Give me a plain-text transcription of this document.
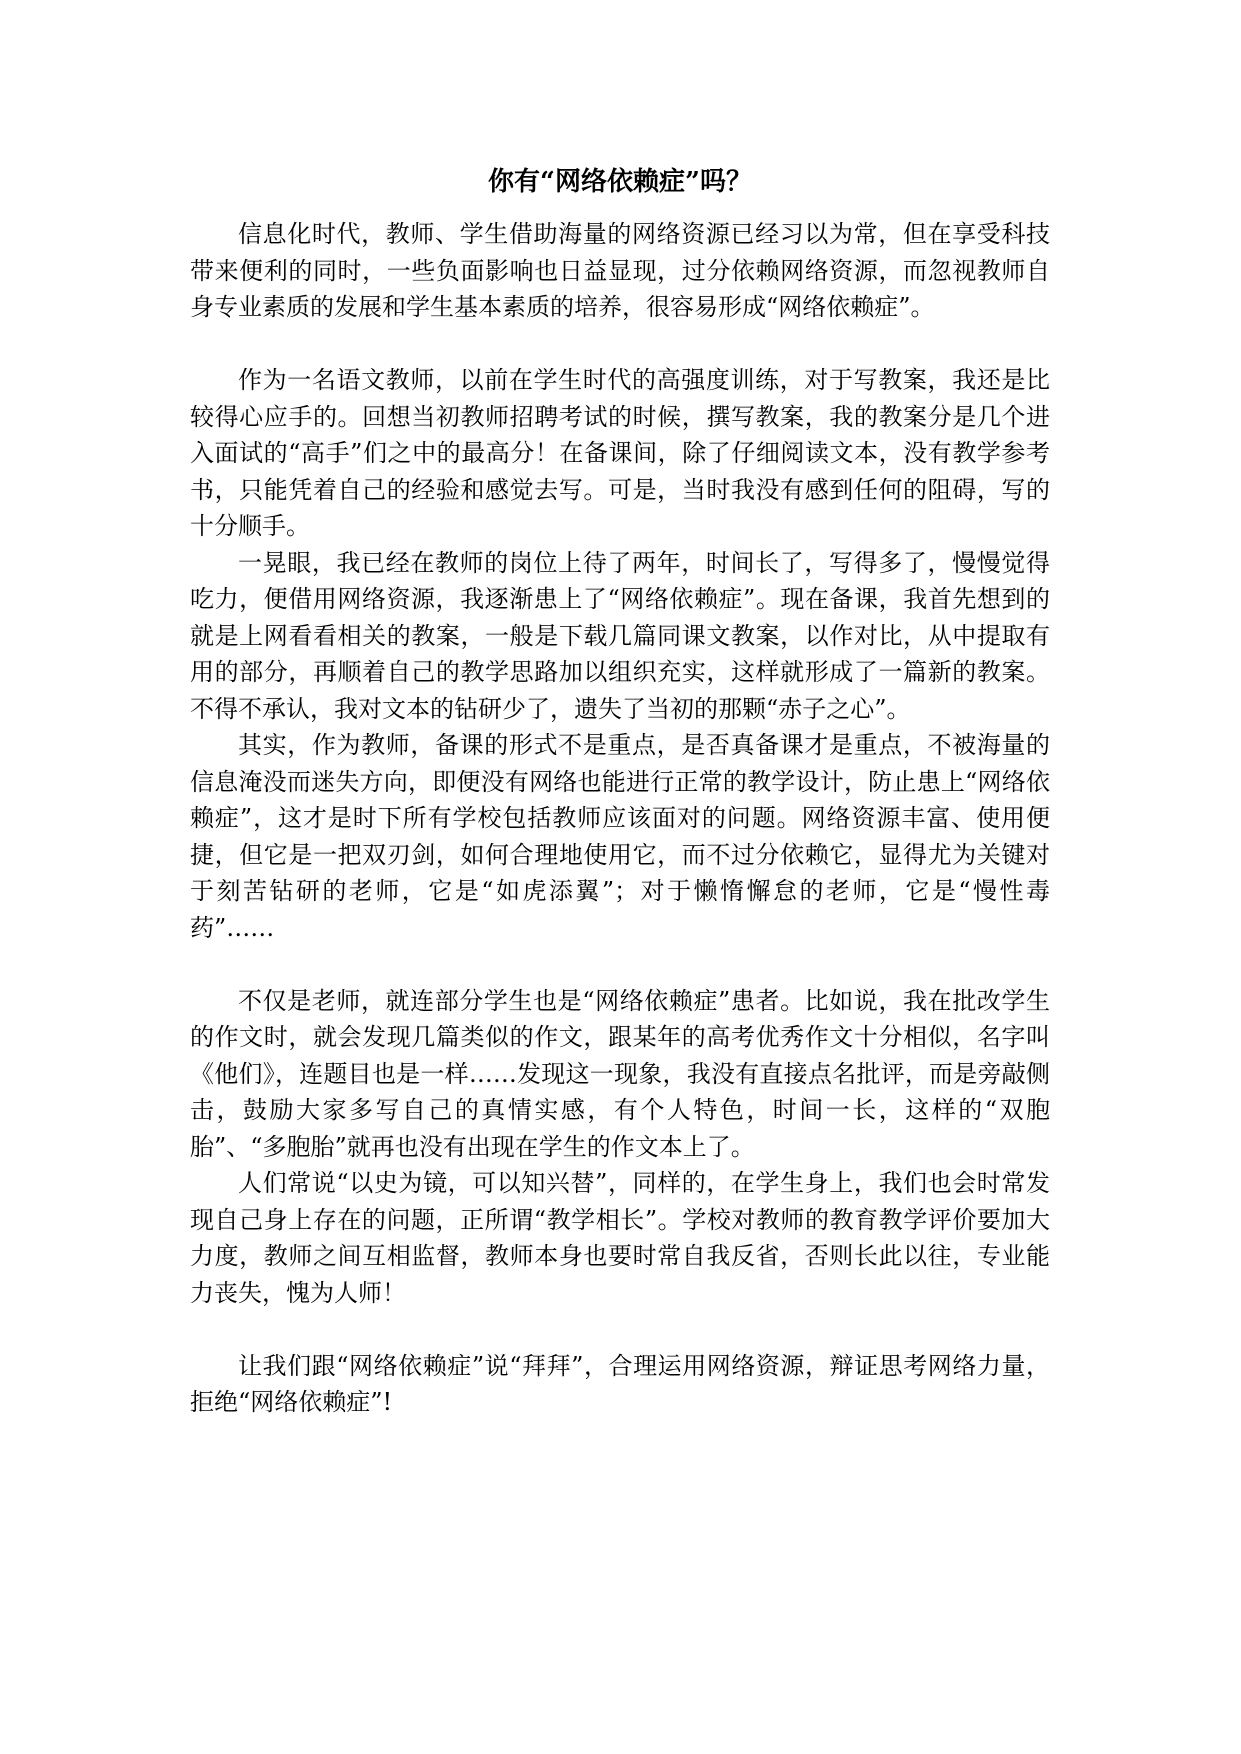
你有“网络依赖症”吗？

信息化时代，教师、学生借助海量的网络资源已经习以为常，但在享受科技带来便利的同时，一些负面影响也日益显现，过分依赖网络资源，而忽视教师自身专业素质的发展和学生基本素质的培养，很容易形成“网络依赖症”。

作为一名语文教师，以前在学生时代的高强度训练，对于写教案，我还是比较得心应手的。回想当初教师招聘考试的时候，撰写教案，我的教案分是几个进入面试的“高手”们之中的最高分！在备课间，除了仔细阅读文本，没有教学参考书，只能凭着自己的经验和感觉去写。可是，当时我没有感到任何的阻碍，写的十分顺手。

一晃眼，我已经在教师的岗位上待了两年，时间长了，写得多了，慢慢觉得吃力，便借用网络资源，我逐渐患上了“网络依赖症”。现在备课，我首先想到的就是上网看看相关的教案，一般是下载几篇同课文教案，以作对比，从中提取有用的部分，再顺着自己的教学思路加以组织充实，这样就形成了一篇新的教案。不得不承认，我对文本的钻研少了，遗失了当初的那颗“赤子之心”。

其实，作为教师，备课的形式不是重点，是否真备课才是重点，不被海量的信息淹没而迷失方向，即便没有网络也能进行正常的教学设计，防止患上“网络依赖症”，这才是时下所有学校包括教师应该面对的问题。网络资源丰富、使用便捷，但它是一把双刃剑，如何合理地使用它，而不过分依赖它，显得尤为关键对于刻苦钻研的老师，它是“如虎添翼”；对于懒惰懈怠的老师，它是“慢性毒药”……

不仅是老师，就连部分学生也是“网络依赖症”患者。比如说，我在批改学生的作文时，就会发现几篇类似的作文，跟某年的高考优秀作文十分相似，名字叫《他们》，连题目也是一样……发现这一现象，我没有直接点名批评，而是旁敲侧击，鼓励大家多写自己的真情实感，有个人特色，时间一长，这样的“双胞胎”、“多胞胎”就再也没有出现在学生的作文本上了。

人们常说“以史为镜，可以知兴替”，同样的，在学生身上，我们也会时常发现自己身上存在的问题，正所谓“教学相长”。学校对教师的教育教学评价要加大力度，教师之间互相监督，教师本身也要时常自我反省，否则长此以往，专业能力丧失，愧为人师！

让我们跟“网络依赖症”说“拜拜”，合理运用网络资源，辩证思考网络力量，拒绝“网络依赖症”!
